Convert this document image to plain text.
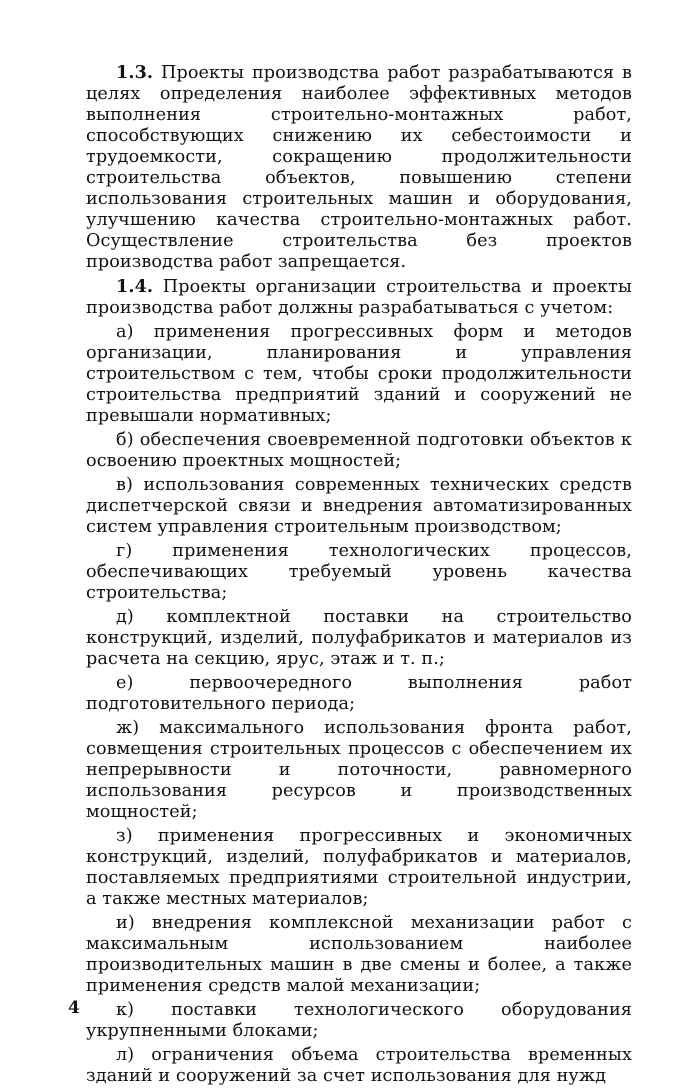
1.3. Проекты производства работ разрабатываются в целях определения наиболее эффективных методов выполнения строительно-монтажных работ, способствующих снижению их себестоимости и трудоемкости, сокращению продолжительности строительства объектов, повышению степени использования строительных машин и оборудования, улучшению качества строительно-монтажных работ. Осуществление строительства без проектов производства работ запрещается.

1.4. Проекты организации строительства и проекты производства работ должны разрабатываться с учетом:

а) применения прогрессивных форм и методов организации, планирования и управления строительством с тем, чтобы сроки продолжительности строительства предприятий зданий и сооружений не превышали нормативных;

б) обеспечения своевременной подготовки объектов к освоению проектных мощностей;

в) использования современных технических средств диспетчерской связи и внедрения автоматизированных систем управления строительным производством;

г) применения технологических процессов, обеспечивающих требуемый уровень качества строительства;

д) комплектной поставки на строительство конструкций, изделий, полуфабрикатов и материалов из расчета на секцию, ярус, этаж и т. п.;

е) первоочередного выполнения работ подготовительного периода;

ж) максимального использования фронта работ, совмещения строительных процессов с обеспечением их непрерывности и поточности, равномерного использования ресурсов и производственных мощностей;

з) применения прогрессивных и экономичных конструкций, изделий, полуфабрикатов и материалов, поставляемых предприятиями строительной индустрии, а также местных материалов;

и) внедрения комплексной механизации работ с максимальным использованием наиболее производительных машин в две смены и более, а также применения средств малой механизации;

к) поставки технологического оборудования укрупненными блоками;

л) ограничения объема строительства временных зданий и сооружений за счет использования для нужд

4
